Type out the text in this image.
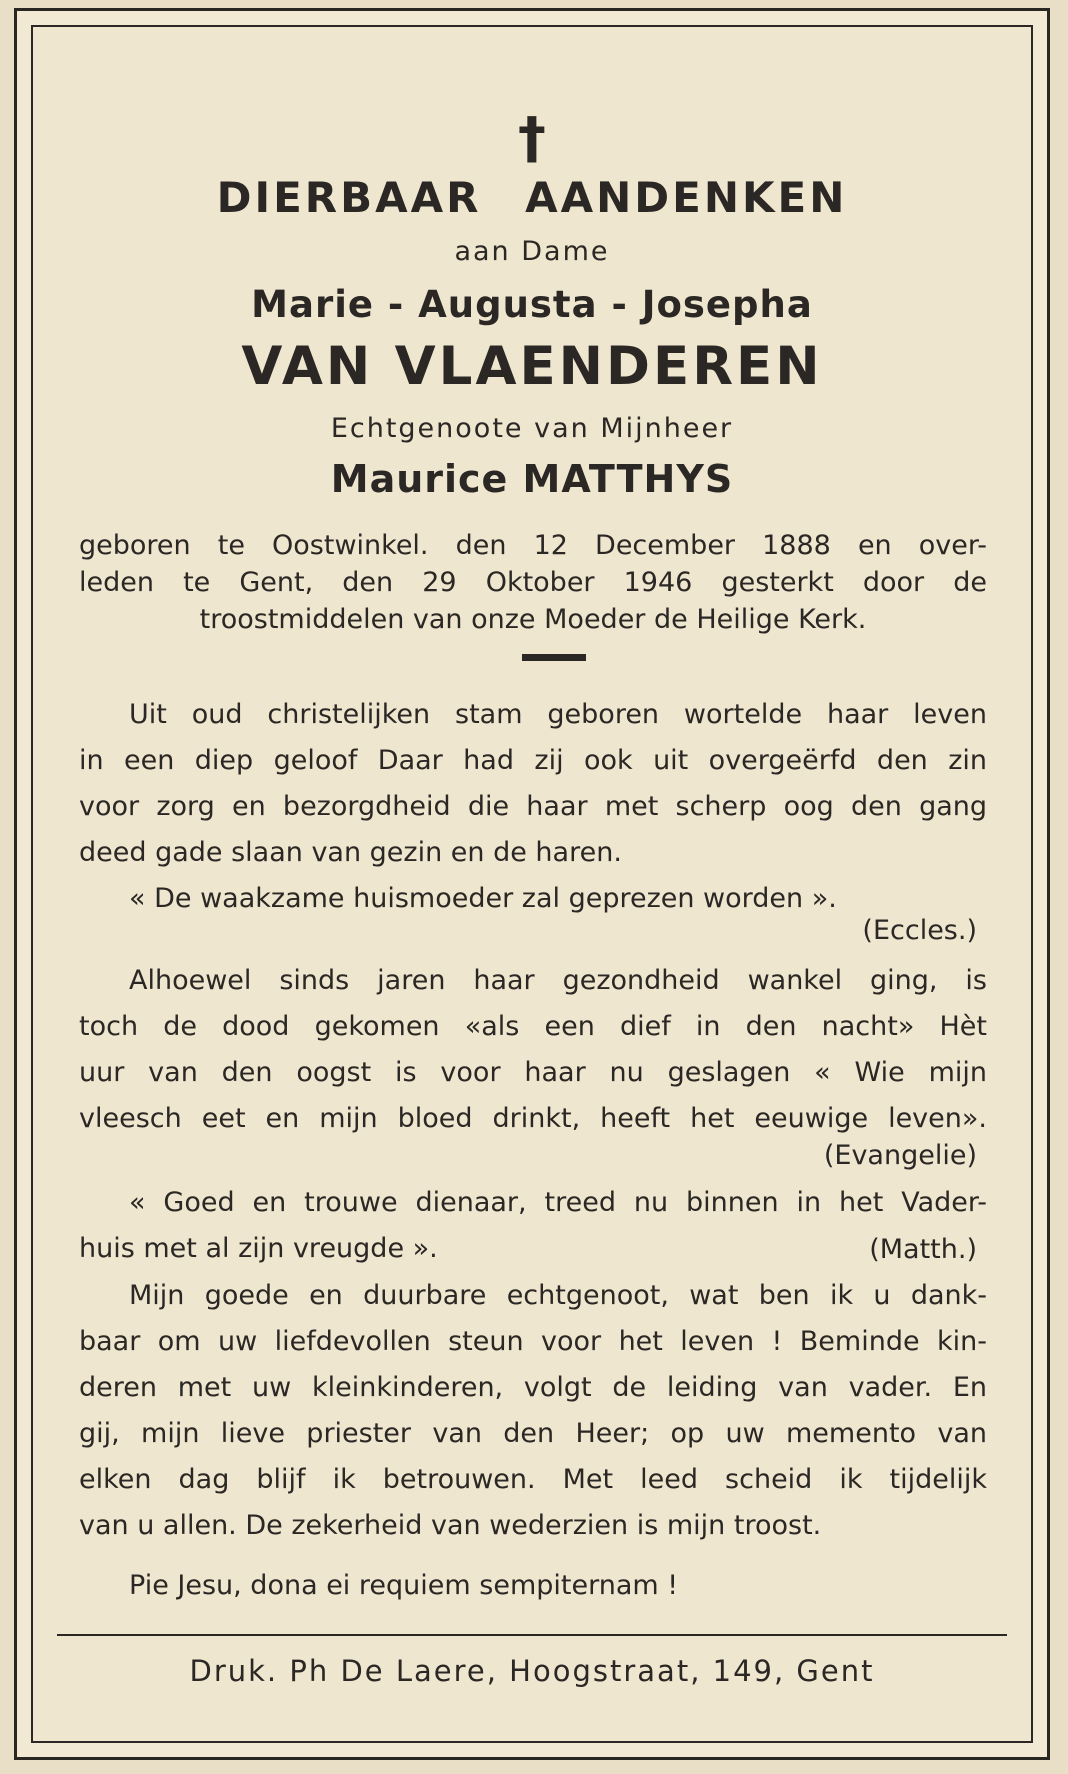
†
DIERBAAR AANDENKEN
aan Dame
Marie - Augusta - Josepha
VAN VLAENDEREN
Echtgenoote van Mijnheer
Maurice MATTHYS
geboren te Oostwinkel. den 12 December 1888 en over-
leden te Gent, den 29 Oktober 1946 gesterkt door de
troostmiddelen van onze Moeder de Heilige Kerk.
Uit oud christelijken stam geboren wortelde haar leven
in een diep geloof Daar had zij ook uit overgeërfd den zin
voor zorg en bezorgdheid die haar met scherp oog den gang
deed gade slaan van gezin en de haren.
« De waakzame huismoeder zal geprezen worden ».
(Eccles.)
Alhoewel sinds jaren haar gezondheid wankel ging, is
toch de dood gekomen «als een dief in den nacht» Hèt
uur van den oogst is voor haar nu geslagen « Wie mijn
vleesch eet en mijn bloed drinkt, heeft het eeuwige leven».
(Evangelie)
« Goed en trouwe dienaar, treed nu binnen in het Vader-
huis met al zijn vreugde ».	(Matth.)
Mijn goede en duurbare echtgenoot, wat ben ik u dank-
baar om uw liefdevollen steun voor het leven ! Beminde kin-
deren met uw kleinkinderen, volgt de leiding van vader. En
gij, mijn lieve priester van den Heer; op uw memento van
elken dag blijf ik betrouwen. Met leed scheid ik tijdelijk
van u allen. De zekerheid van wederzien is mijn troost.
Pie Jesu, dona ei requiem sempiternam !
Druk. Ph De Laere, Hoogstraat, 149, Gent
